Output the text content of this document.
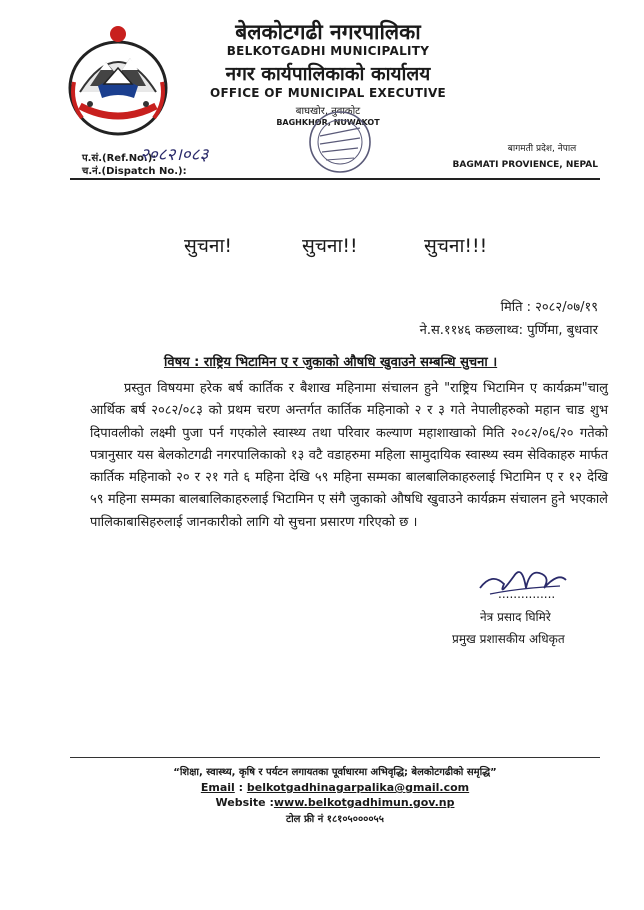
बेलकोटगढी नगरपालिका
BELKOTGADHI MUNICIPALITY
नगर कार्यपालिकाको कार्यालय
OFFICE OF MUNICIPAL EXECUTIVE
बाघखोर, नुवाकोट
BAGHKHOR, NUWAKOT
प.सं.(Ref.No.):
२०८२।०८३
च.नं.(Dispatch No.):
बागमती प्रदेश, नेपाल
BAGMATI PROVIENCE, NEPAL
सुचना!	सुचना!!	सुचना!!!
मिति : २०८२/०७/१९
ने.स.११४६ कछलाथ्व: पुर्णिमा, बुधवार
विषय : राष्ट्रिय भिटामिन ए र जुकाको औषधि खुवाउने सम्बन्धि सुचना ।
प्रस्तुत विषयमा हरेक बर्ष कार्तिक र बैशाख महिनामा संचालन हुने "राष्ट्रिय भिटामिन ए कार्यक्रम"चालु आर्थिक बर्ष २०८२/०८३ को प्रथम चरण अन्तर्गत कार्तिक महिनाको २ र ३ गते नेपालीहरुको महान चाड शुभ दिपावलीको लक्ष्मी पुजा पर्न गएकोले स्वास्थ्य तथा परिवार कल्याण महाशाखाको मिति २०८२/०६/२० गतेको पत्रानुसार यस बेलकोटगढी नगरपालिकाको १३ वटै वडाहरुमा महिला सामुदायिक स्वास्थ्य स्वम सेविकाहरु मार्फत कार्तिक महिनाको २० र २१ गते ६ महिना देखि ५९ महिना सम्मका बालबालिकाहरुलाई भिटामिन ए र १२ देखि ५९ महिना सम्मका बालबालिकाहरुलाई भिटामिन ए संगै जुकाको औषधि खुवाउने कार्यक्रम संचालन हुने भएकाले पालिकाबासिहरुलाई जानकारीको लागि यो सुचना प्रसारण गरिएको छ ।
...............
नेत्र प्रसाद घिमिरे
प्रमुख प्रशासकीय अधिकृत
“शिक्षा, स्वास्थ्य, कृषि र पर्यटन लगायतका पूर्वाधारमा अभिवृद्धि; बेलकोटगढीको समृद्धि”
Email : belkotgadhinagarpalika@gmail.com
Website :www.belkotgadhimun.gov.np
टोल फ्री नं १८१०५००००५५
